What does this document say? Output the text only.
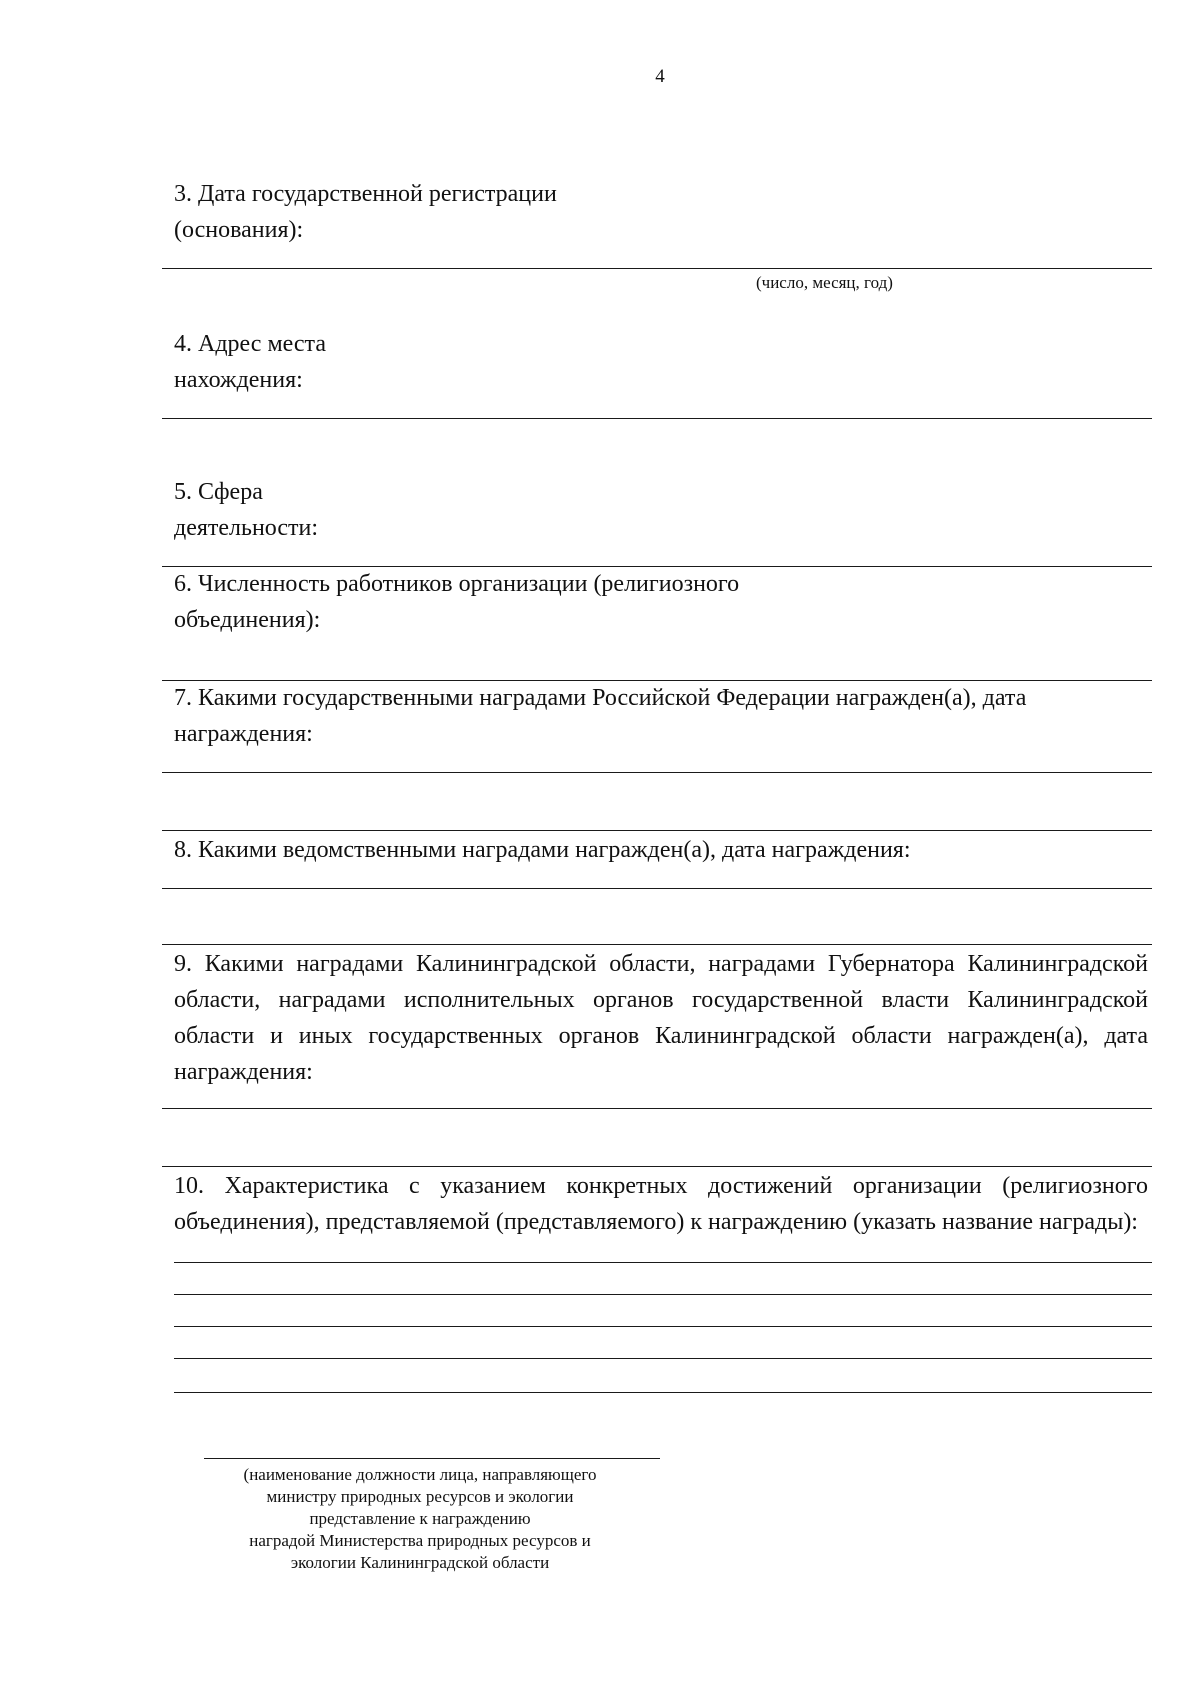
4
3. Дата государственной регистрации
(основания):
(число, месяц, год)
4. Адрес места
нахождения:
5. Сфера
деятельности:
6. Численность работников организации (религиозного
объединения):
7. Какими государственными наградами Российской Федерации награжден(а), дата
награждения:
8. Какими ведомственными наградами награжден(а), дата награждения:
9. Какими наградами Калининградской области, наградами Губернатора Калининградской области, наградами исполнительных органов государственной власти Калининградской области и иных государственных органов Калининградской области награжден(а), дата награждения:
10. Характеристика с указанием конкретных достижений организации (религиозного объединения), представляемой (представляемого) к награждению (указать название награды):
(наименование должности лица, направляющего
министру природных ресурсов и экологии
представление к награждению
наградой Министерства природных ресурсов и
экологии Калининградской области
